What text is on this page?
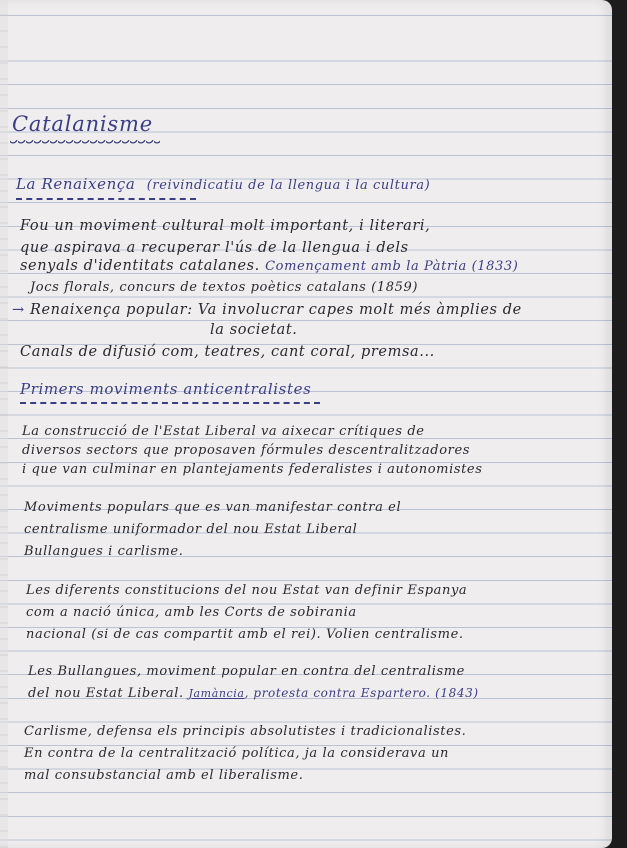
Catalanisme
La Renaixença (reivindicatiu de la llengua i la cultura)
Fou un moviment cultural molt important, i literari,
que aspirava a recuperar l'ús de la llengua i dels
senyals d'identitats catalanes. Començament amb la Pàtria (1833)
Jocs florals, concurs de textos poètics catalans (1859)
→ Renaixença popular: Va involucrar capes molt més àmplies de
la societat.
Canals de difusió com, teatres, cant coral, premsa...
Primers moviments anticentralistes
La construcció de l'Estat Liberal va aixecar crítiques de
diversos sectors que proposaven fórmules descentralitzadores
i que van culminar en plantejaments federalistes i autonomistes
Moviments populars que es van manifestar contra el
centralisme uniformador del nou Estat Liberal
Bullangues i carlisme.
Les diferents constitucions del nou Estat van definir Espanya
com a nació única, amb les Corts de sobirania
nacional (si de cas compartit amb el rei). Volien centralisme.
Les Bullangues, moviment popular en contra del centralisme
del nou Estat Liberal. Jamància, protesta contra Espartero. (1843)
Carlisme, defensa els principis absolutistes i tradicionalistes.
En contra de la centralització política, ja la considerava un
mal consubstancial amb el liberalisme.
